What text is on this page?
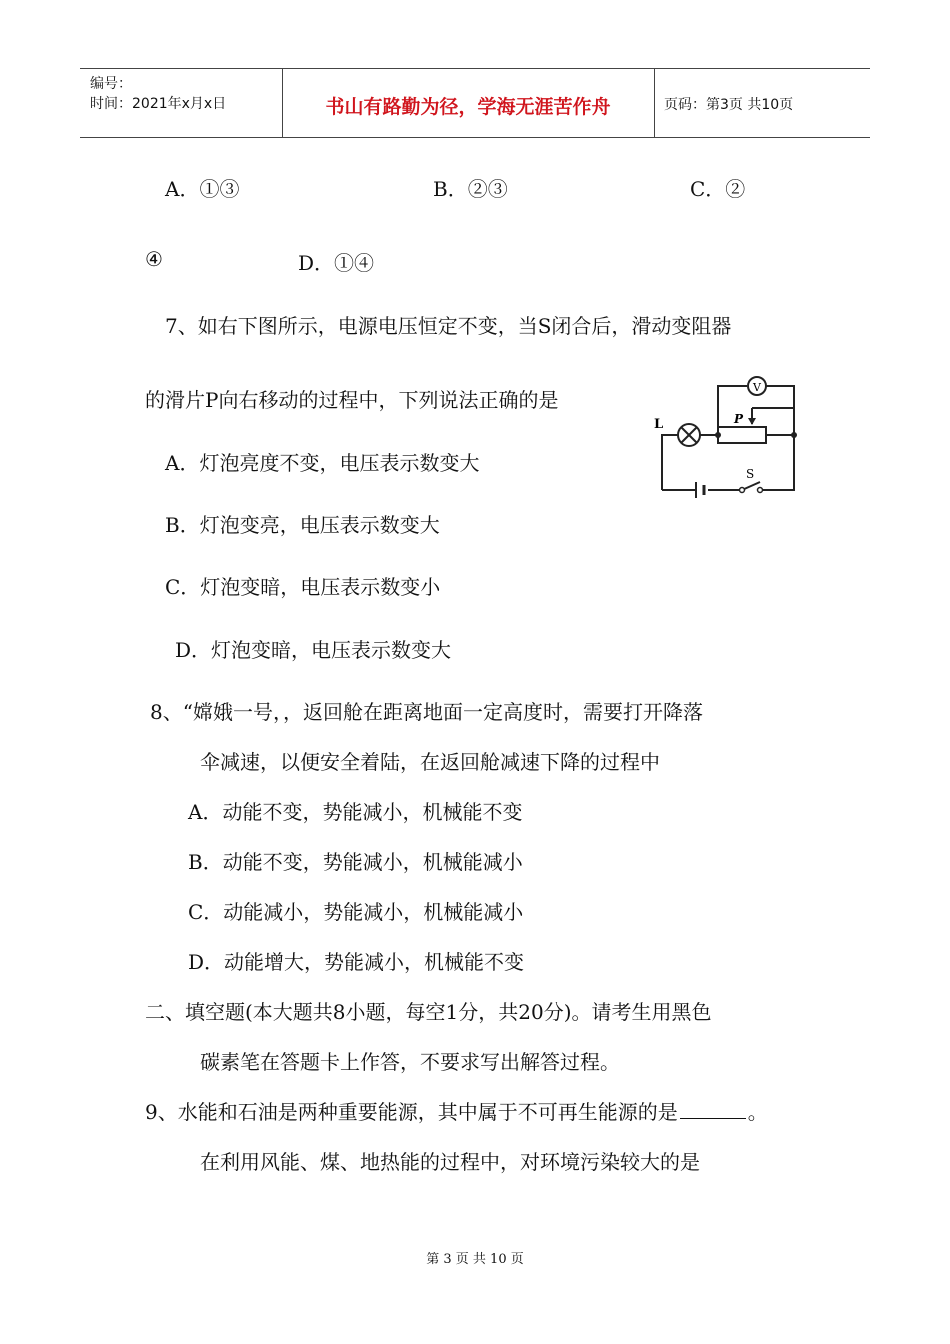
编号：
时间：2021年x月x日	书山有路勤为径，学海无涯苦作舟	页码：第3页 共10页
A．①③	B．②③	C．②
④	D．①④
7、如右下图所示，电源电压恒定不变，当S闭合后，滑动变阻器
的滑片P向右移动的过程中，下列说法正确的是
A．灯泡亮度不变，电压表示数变大
B．灯泡变亮，电压表示数变大
C．灯泡变暗，电压表示数变小
D．灯泡变暗，电压表示数变大
L
V
P
S
8、“嫦娥一号，，返回舱在距离地面一定高度时，需要打开降落
伞减速，以便安全着陆，在返回舱减速下降的过程中
A．动能不变，势能减小，机械能不变
B．动能不变，势能减小，机械能减小
C．动能减小，势能减小，机械能减小
D．动能增大，势能减小，机械能不变
二、填空题(本大题共8小题，每空1分，共20分)。请考生用黑色
碳素笔在答题卡上作答，不要求写出解答过程。
9、水能和石油是两种重要能源，其中属于不可再生能源的是	。
在利用风能、煤、地热能的过程中，对环境污染较大的是
第 3 页 共 10 页
